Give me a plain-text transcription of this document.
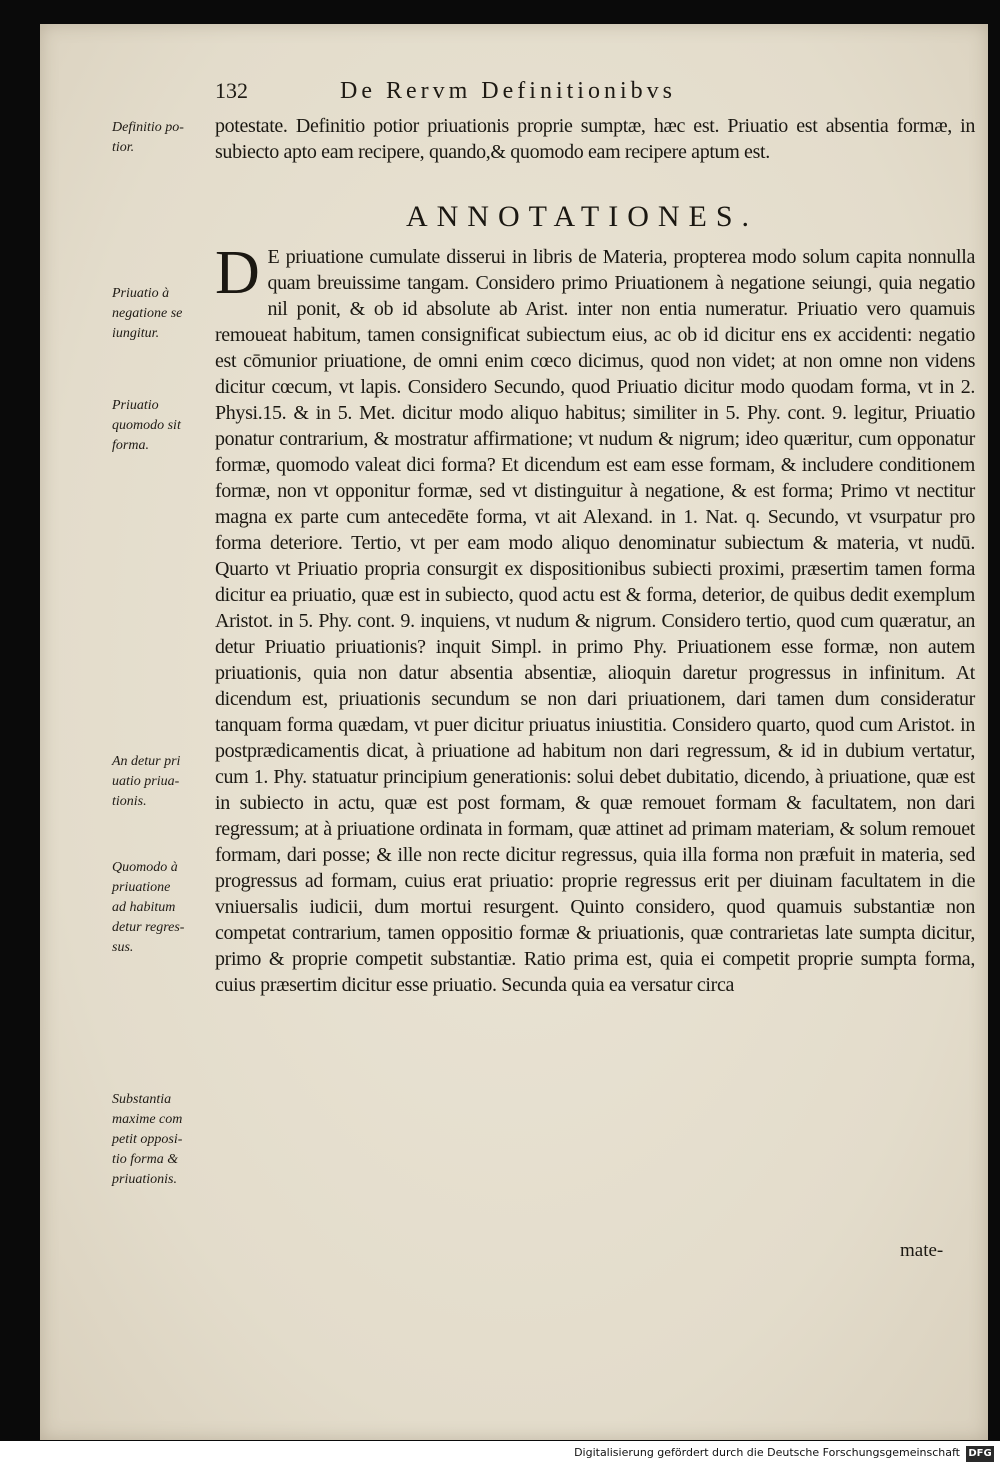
132	De Rervm Definitionibvs
Definitio po-
tior.
Priuatio à
negatione se
iungitur.
Priuatio
quomodo sit
forma.
An detur pri
uatio priua-
tionis.
Quomodo à
priuatione
ad habitum
detur regres-
sus.
Substantia
maxime com
petit opposi-
tio forma &
priuationis.
potestate. Definitio potior priuationis proprie sumptæ, hæc est. Priuatio est absentia formæ, in subiecto apto eam recipere, quando,& quomodo eam recipere aptum est.
ANNOTATIONES.
D E priuatione cumulate disserui in libris de Materia, propterea modo solum capita nonnulla quam breuissime tangam. Considero primo Priuationem à negatione seiungi, quia negatio nil ponit, & ob id absolute ab Arist. inter non entia numeratur. Priuatio vero quamuis remoueat habitum, tamen consignificat subiectum eius, ac ob id dicitur ens ex accidenti: negatio est cōmunior priuatione, de omni enim cœco dicimus, quod non videt; at non omne non videns dicitur cœcum, vt lapis. Considero Secundo, quod Priuatio dicitur modo quodam forma, vt in 2. Physi.15. & in 5. Met. dicitur modo aliquo habitus; similiter in 5. Phy. cont. 9. legitur, Priuatio ponatur contrarium, & mostratur affirmatione; vt nudum & nigrum; ideo quæritur, cum opponatur formæ, quomodo valeat dici forma? Et dicendum est eam esse formam, & includere conditionem formæ, non vt opponitur formæ, sed vt distinguitur à negatione, & est forma; Primo vt nectitur magna ex parte cum antecedēte forma, vt ait Alexand. in 1. Nat. q. Secundo, vt vsurpatur pro forma deteriore. Tertio, vt per eam modo aliquo denominatur subiectum & materia, vt nudū. Quarto vt Priuatio propria consurgit ex dispositionibus subiecti proximi, præsertim tamen forma dicitur ea priuatio, quæ est in subiecto, quod actu est & forma, deterior, de quibus dedit exemplum Aristot. in 5. Phy. cont. 9. inquiens, vt nudum & nigrum. Considero tertio, quod cum quæratur, an detur Priuatio priuationis? inquit Simpl. in primo Phy. Priuationem esse formæ, non autem priuationis, quia non datur absentia absentiæ, alioquin daretur progressus in infinitum. At dicendum est, priuationis secundum se non dari priuationem, dari tamen dum consideratur tanquam forma quædam, vt puer dicitur priuatus iniustitia. Considero quarto, quod cum Aristot. in postprædicamentis dicat, à priuatione ad habitum non dari regressum, & id in dubium vertatur, cum 1. Phy. statuatur principium generationis: solui debet dubitatio, dicendo, à priuatione, quæ est in subiecto in actu, quæ est post formam, & quæ remouet formam & facultatem, non dari regressum; at à priuatione ordinata in formam, quæ attinet ad primam materiam, & solum remouet formam, dari posse; & ille non recte dicitur regressus, quia illa forma non præfuit in materia, sed progressus ad formam, cuius erat priuatio: proprie regressus erit per diuinam facultatem in die vniuersalis iudicii, dum mortui resurgent. Quinto considero, quod quamuis substantiæ non competat contrarium, tamen oppositio formæ & priuationis, quæ contrarietas late sumpta dicitur, primo & proprie competit substantiæ. Ratio prima est, quia ei competit proprie sumpta forma, cuius præsertim dicitur esse priuatio. Secunda quia ea versatur circa
mate-
Digitalisierung gefördert durch die Deutsche Forschungsgemeinschaft DFG
